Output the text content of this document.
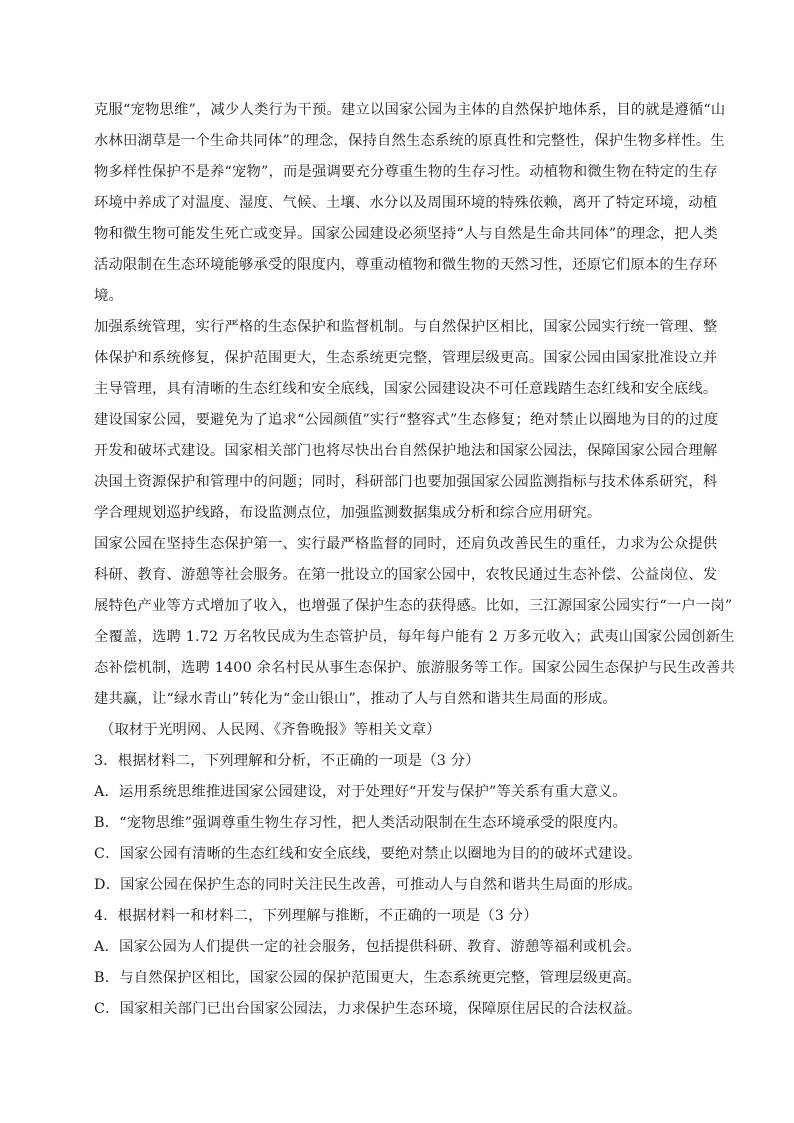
克服“宠物思维”，减少人类行为干预。建立以国家公园为主体的自然保护地体系，目的就是遵循“山
水林田湖草是一个生命共同体”的理念，保持自然生态系统的原真性和完整性，保护生物多样性。生
物多样性保护不是养“宠物”，而是强调要充分尊重生物的生存习性。动植物和微生物在特定的生存
环境中养成了对温度、湿度、气候、土壤、水分以及周围环境的特殊依赖，离开了特定环境，动植
物和微生物可能发生死亡或变异。国家公园建设必须坚持“人与自然是生命共同体”的理念，把人类
活动限制在生态环境能够承受的限度内，尊重动植物和微生物的天然习性，还原它们原本的生存环
境。
加强系统管理，实行严格的生态保护和监督机制。与自然保护区相比，国家公园实行统一管理、整
体保护和系统修复，保护范围更大，生态系统更完整，管理层级更高。国家公园由国家批准设立并
主导管理，具有清晰的生态红线和安全底线，国家公园建设决不可任意践踏生态红线和安全底线。
建设国家公园，要避免为了追求“公园颜值”实行“整容式”生态修复；绝对禁止以圈地为目的的过度
开发和破坏式建设。国家相关部门也将尽快出台自然保护地法和国家公园法，保障国家公园合理解
决国土资源保护和管理中的问题；同时，科研部门也要加强国家公园监测指标与技术体系研究，科
学合理规划巡护线路，布设监测点位，加强监测数据集成分析和综合应用研究。
国家公园在坚持生态保护第一、实行最严格监督的同时，还肩负改善民生的重任，力求为公众提供
科研、教育、游憩等社会服务。在第一批设立的国家公园中，农牧民通过生态补偿、公益岗位、发
展特色产业等方式增加了收入，也增强了保护生态的获得感。比如，三江源国家公园实行“一户一岗”
全覆盖，选聘 1.72 万名牧民成为生态管护员，每年每户能有 2 万多元收入；武夷山国家公园创新生
态补偿机制，选聘 1400 余名村民从事生态保护、旅游服务等工作。国家公园生态保护与民生改善共
建共赢，让“绿水青山”转化为“金山银山”，推动了人与自然和谐共生局面的形成。
（取材于光明网、人民网、《齐鲁晚报》等相关文章）
3．根据材料二，下列理解和分析，不正确的一项是（3 分）
A．运用系统思维推进国家公园建设，对于处理好“开发与保护”等关系有重大意义。
B．“宠物思维”强调尊重生物生存习性，把人类活动限制在生态环境承受的限度内。
C．国家公园有清晰的生态红线和安全底线，要绝对禁止以圈地为目的的破坏式建设。
D．国家公园在保护生态的同时关注民生改善，可推动人与自然和谐共生局面的形成。
4．根据材料一和材料二，下列理解与推断，不正确的一项是（3 分）
A．国家公园为人们提供一定的社会服务，包括提供科研、教育、游憩等福利或机会。
B．与自然保护区相比，国家公园的保护范围更大，生态系统更完整，管理层级更高。
C．国家相关部门已出台国家公园法，力求保护生态环境，保障原住居民的合法权益。
